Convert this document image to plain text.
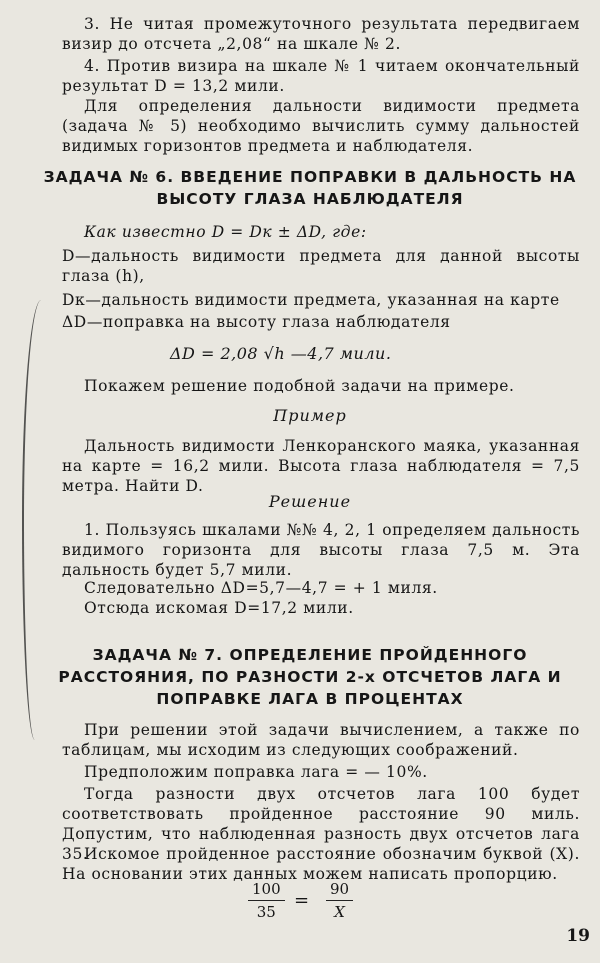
3. Не читая промежуточного результата передвигаем визир до отсчета „2,08“ на шкале № 2.

4. Против визира на шкале № 1 читаем окончательный результат D = 13,2 мили.

Для определения дальности видимости предмета (задача № 5) необходимо вычислить сумму дальностей видимых горизонтов предмета и наблюдателя.

ЗАДАЧА № 6. ВВЕДЕНИЕ ПОПРАВКИ В ДАЛЬНОСТЬ НА ВЫСОТУ ГЛАЗА НАБЛЮДАТЕЛЯ

Как известно D = Dк ± ΔD, где:

D—дальность видимости предмета для данной высоты глаза (h),

Dк—дальность видимости предмета, указанная на карте

ΔD—поправка на высоту глаза наблюдателя

ΔD = 2,08 √h —4,7 мили.

Покажем решение подобной задачи на примере.

Пример

Дальность видимости Ленкоранского маяка, указанная на карте = 16,2 мили. Высота глаза наблюдателя = 7,5 метра. Найти D.

Решение

1. Пользуясь шкалами №№ 4, 2, 1 определяем дальность видимого горизонта для высоты глаза 7,5 м. Эта дальность будет 5,7 мили.

Следовательно ΔD=5,7—4,7 = + 1 миля.

Отсюда искомая D=17,2 мили.

ЗАДАЧА № 7. ОПРЕДЕЛЕНИЕ ПРОЙДЕННОГО РАССТОЯНИЯ, ПО РАЗНОСТИ 2-х ОТСЧЕТОВ ЛАГА И ПОПРАВКЕ ЛАГА В ПРОЦЕНТАХ

При решении этой задачи вычислением, а также по таблицам, мы исходим из следующих соображений.

Предположим поправка лага = — 10%.

Тогда разности двух отсчетов лага 100 будет соответствовать пройденное расстояние 90 миль. Допустим, что наблюденная разность двух отсчетов лага 35.

Искомое пройденное расстояние обозначим буквой (X). На основании этих данных можем написать пропорцию.

$\frac{100}{35} = \frac{90}{X}$
19
